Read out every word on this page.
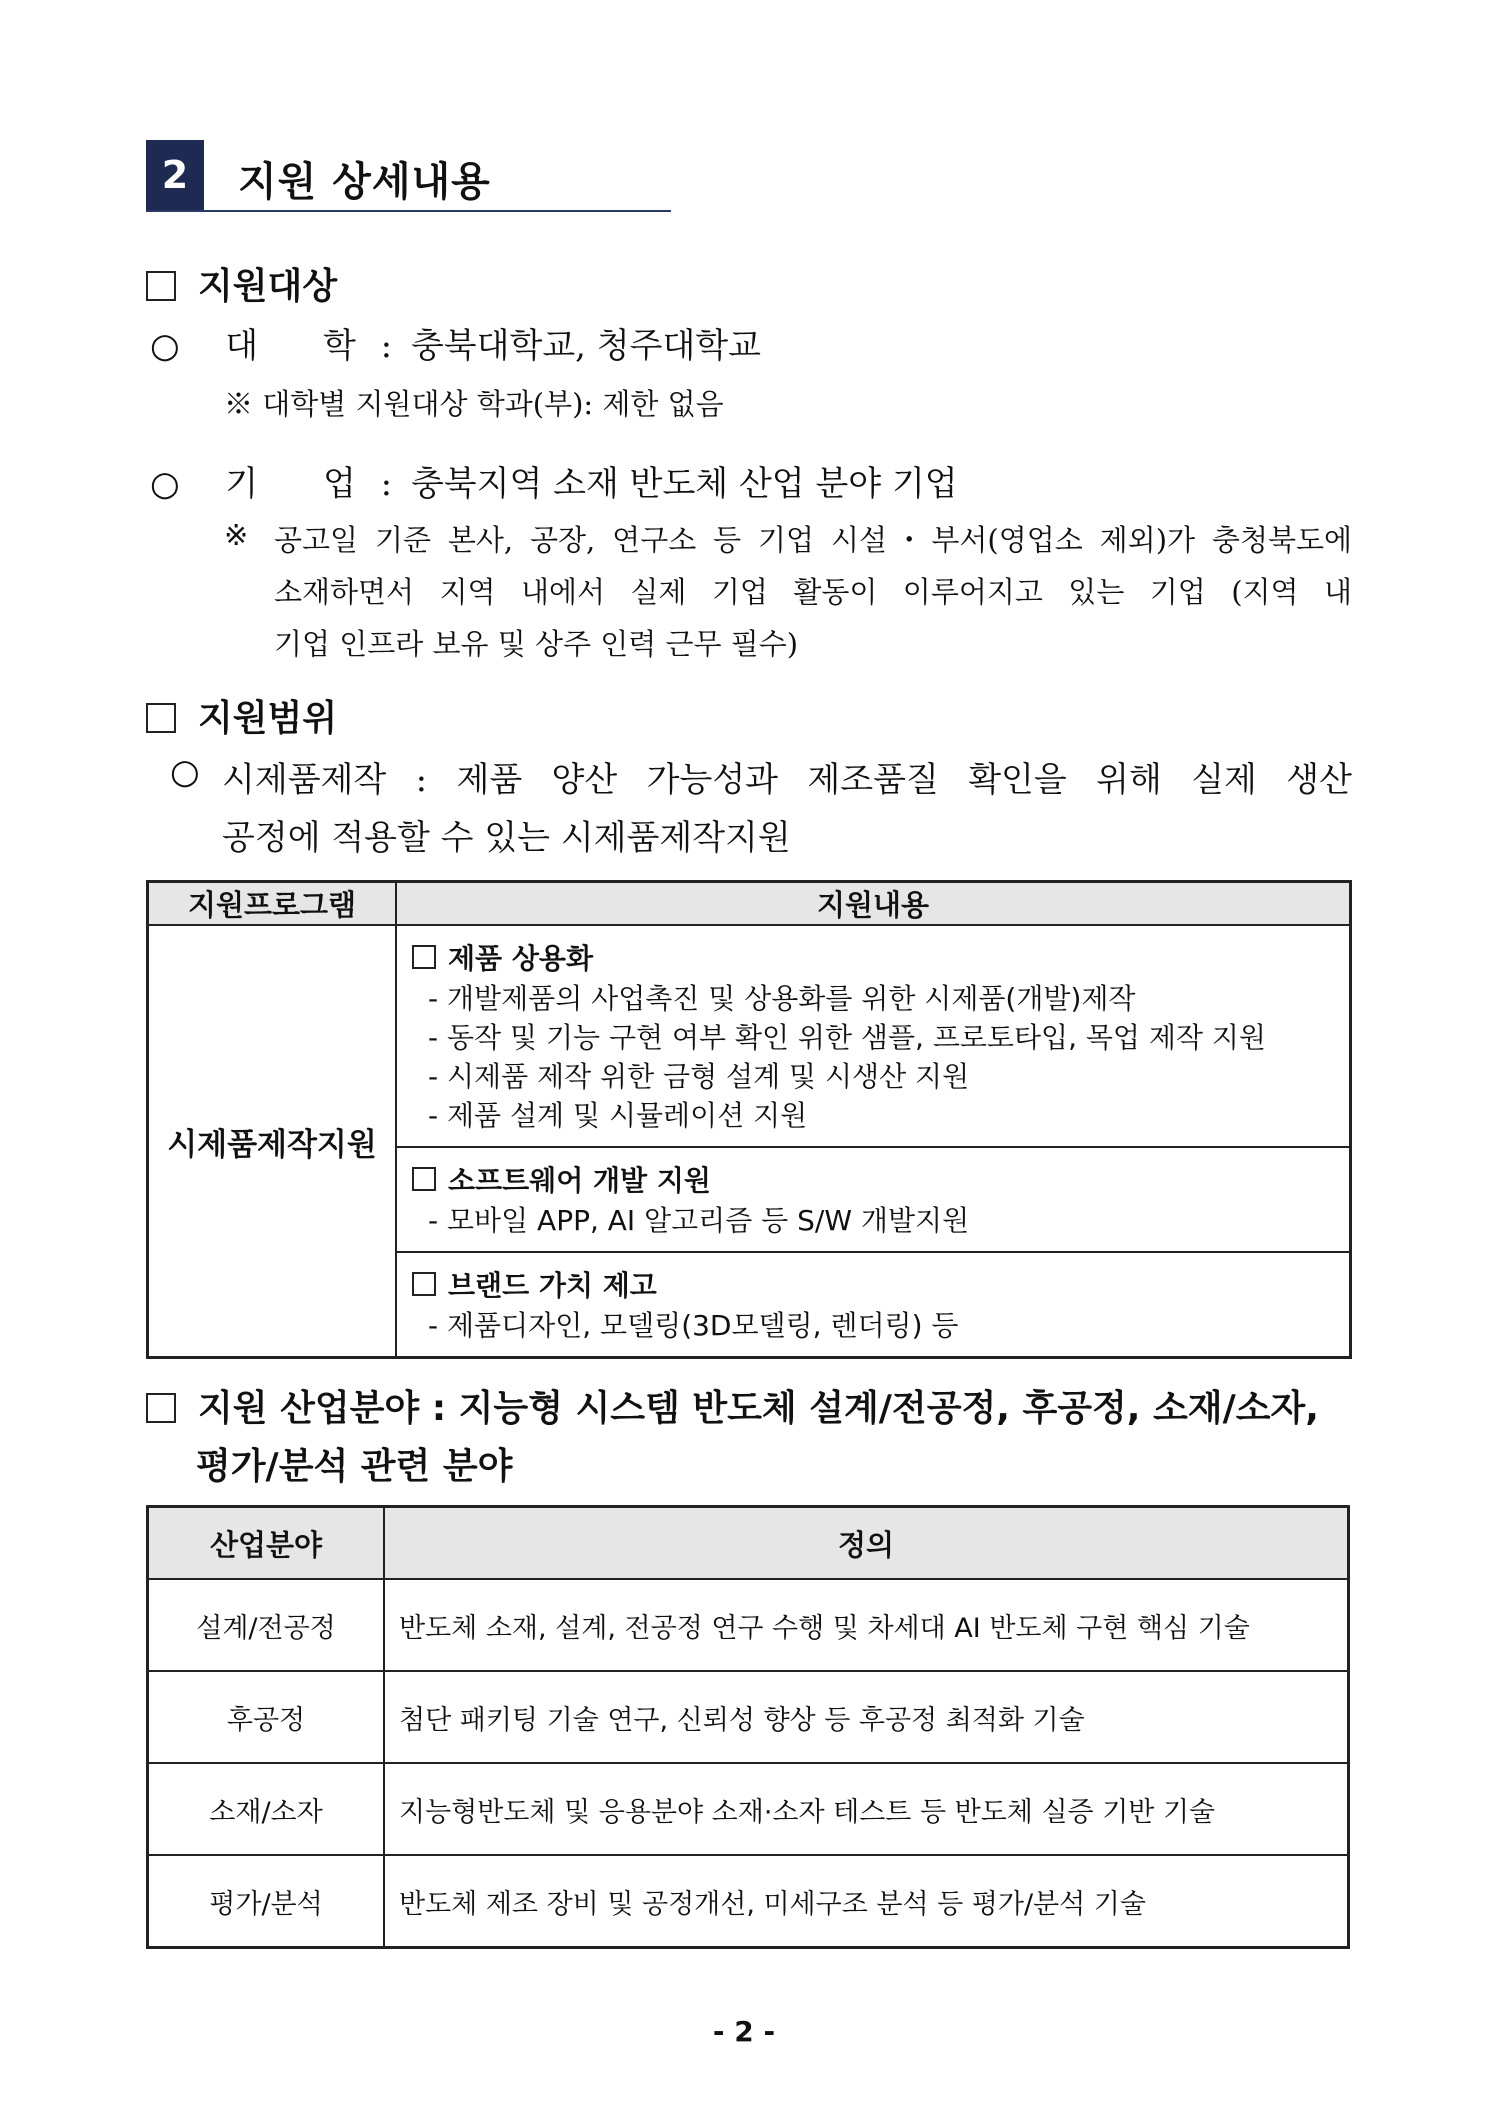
2	지원 상세내용
지원대상
○ 대      학 : 충북대학교, 청주대학교
※ 대학별 지원대상 학과(부): 제한 없음
○ 기      업 : 충북지역 소재 반도체 산업 분야 기업
※ 공고일 기준 본사, 공장, 연구소 등 기업 시설・부서(영업소 제외)가 충청북도에
소재하면서 지역 내에서 실제 기업 활동이 이루어지고 있는 기업 (지역 내
기업 인프라 보유 및 상주 인력 근무 필수)
지원범위
○ 시제품제작 : 제품 양산 가능성과 제조품질 확인을 위해 실제 생산
공정에 적용할 수 있는 시제품제작지원
지원프로그램	지원내용
시제품제작지원	제품 상용화
- 개발제품의 사업촉진 및 상용화를 위한 시제품(개발)제작
- 동작 및 기능 구현 여부 확인 위한 샘플, 프로토타입, 목업 제작 지원
- 시제품 제작 위한 금형 설계 및 시생산 지원
- 제품 설계 및 시뮬레이션 지원

	소프트웨어 개발 지원
- 모바일 APP, AI 알고리즘 등 S/W 개발지원

	브랜드 가치 제고
- 제품디자인, 모델링(3D모델링, 렌더링) 등
지원 산업분야 : 지능형 시스템 반도체 설계/전공정, 후공정, 소재/소자,
평가/분석 관련 분야
산업분야	정의
설계/전공정	반도체 소재, 설계, 전공정 연구 수행 및 차세대 AI 반도체 구현 핵심 기술
후공정	첨단 패키팅 기술 연구, 신뢰성 향상 등 후공정 최적화 기술
소재/소자	지능형반도체 및 응용분야 소재·소자 테스트 등 반도체 실증 기반 기술
평가/분석	반도체 제조 장비 및 공정개선, 미세구조 분석 등 평가/분석 기술
- 2 -
